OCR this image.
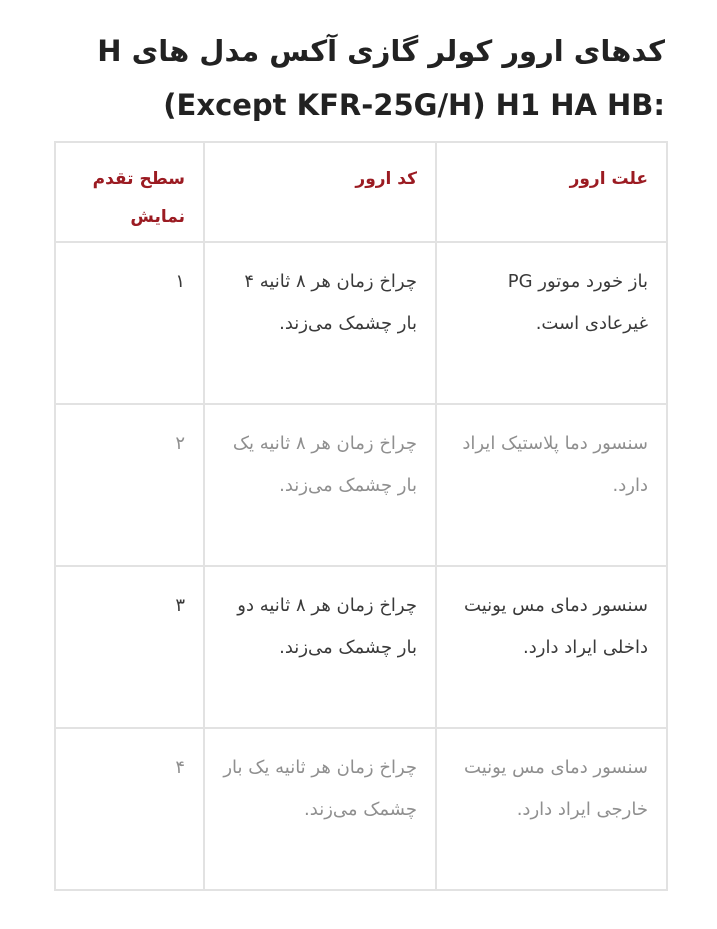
کدهای ارور کولر گازی آکس مدل های H
(Except KFR-25G/H) H1 HA HB:
علت ارور	کد ارور	سطح تقدم نمایش
باز خورد موتور PG غیرعادی است.	چراخ زمان هر ۸ ثانیه ۴ بار چشمک می‌زند.	۱
سنسور دما پلاستیک ایراد دارد.	چراخ زمان هر ۸ ثانیه یک بار چشمک می‌زند.	۲
سنسور دمای مس یونیت داخلی ایراد دارد.	چراخ زمان هر ۸ ثانیه دو بار چشمک می‌زند.	۳
سنسور دمای مس یونیت خارجی ایراد دارد.	چراخ زمان هر ثانیه یک بار چشمک می‌زند.	۴
